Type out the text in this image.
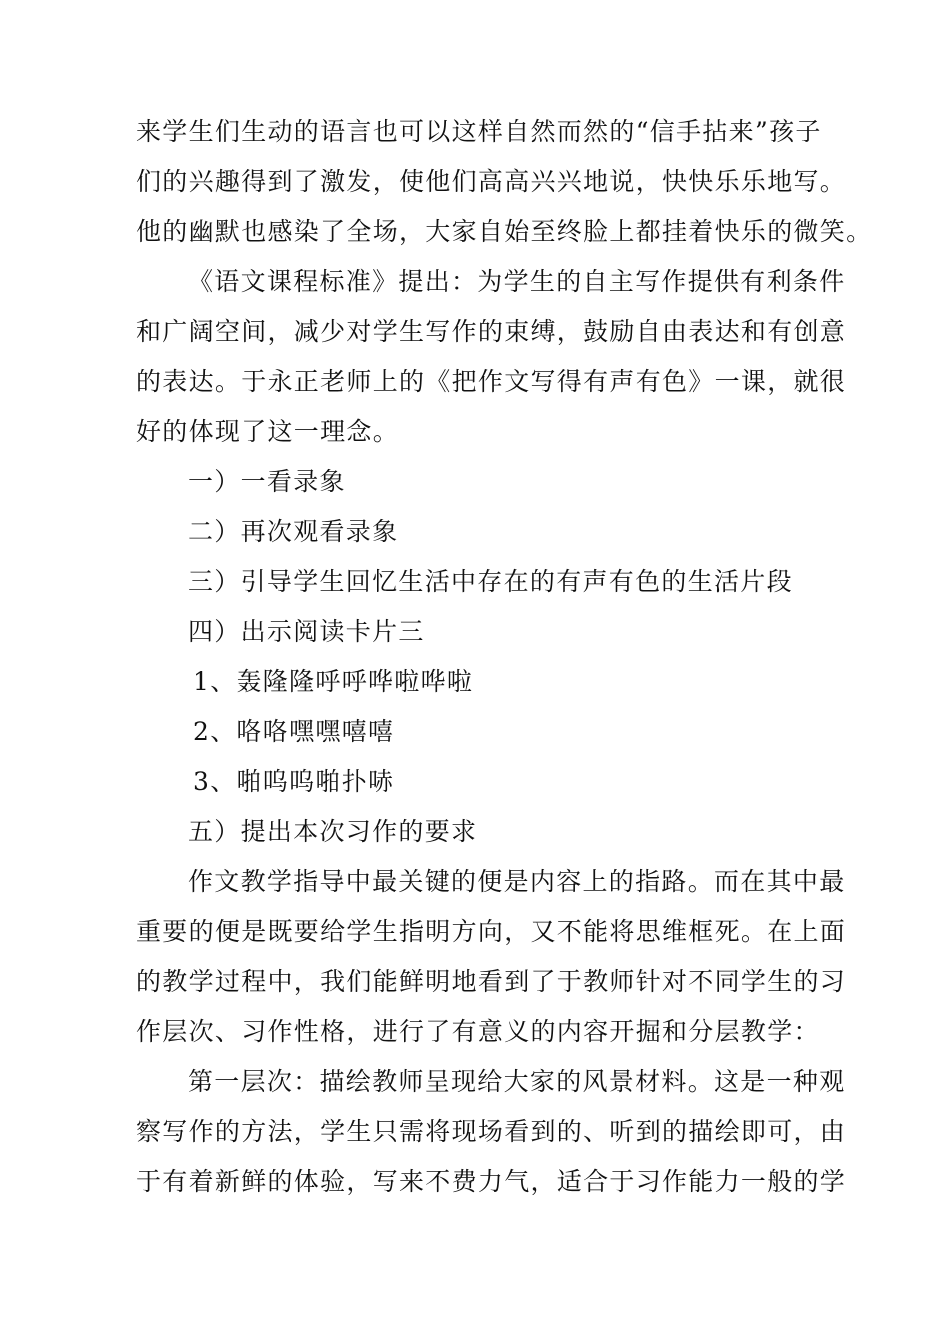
来学生们生动的语言也可以这样自然而然的“信手拈来”孩子
们的兴趣得到了激发，使他们高高兴兴地说，快快乐乐地写。
他的幽默也感染了全场，大家自始至终脸上都挂着快乐的微笑。
《语文课程标准》提出：为学生的自主写作提供有利条件
和广阔空间，减少对学生写作的束缚，鼓励自由表达和有创意
的表达。于永正老师上的《把作文写得有声有色》一课，就很
好的体现了这一理念。
一）一看录象
二）再次观看录象
三）引导学生回忆生活中存在的有声有色的生活片段
四）出示阅读卡片三
1、轰隆隆呼呼哗啦哗啦
2、咯咯嘿嘿嘻嘻
3、啪呜呜啪扑哧
五）提出本次习作的要求
作文教学指导中最关键的便是内容上的指路。而在其中最
重要的便是既要给学生指明方向，又不能将思维框死。在上面
的教学过程中，我们能鲜明地看到了于教师针对不同学生的习
作层次、习作性格，进行了有意义的内容开掘和分层教学：
第一层次：描绘教师呈现给大家的风景材料。这是一种观
察写作的方法，学生只需将现场看到的、听到的描绘即可，由
于有着新鲜的体验，写来不费力气，适合于习作能力一般的学
